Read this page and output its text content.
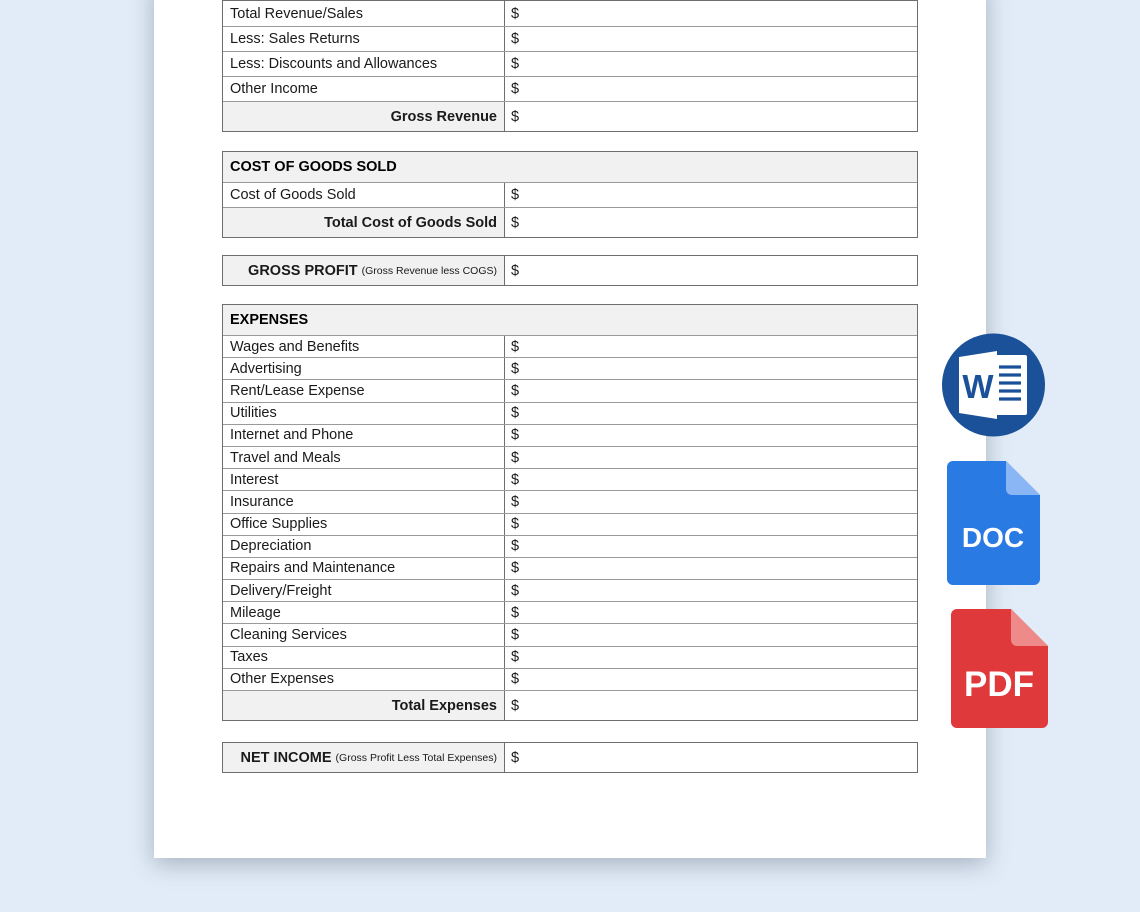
Total Revenue/Sales	$
Less: Sales Returns	$
Less: Discounts and Allowances	$
Other Income	$
Gross Revenue $
COST OF GOODS SOLD
Cost of Goods Sold	$
Total Cost of Goods Sold $
GROSS PROFIT (Gross Revenue less COGS) $
EXPENSES
Wages and Benefits	$
Advertising	$
Rent/Lease Expense	$
Utilities	$
Internet and Phone	$
Travel and Meals	$
Interest	$
Insurance	$
Office Supplies	$
Depreciation	$
Repairs and Maintenance	$
Delivery/Freight	$
Mileage	$
Cleaning Services	$
Taxes	$
Other Expenses	$
Total Expenses $
NET INCOME (Gross Profit Less Total Expenses) $
W
DOC
PDF
